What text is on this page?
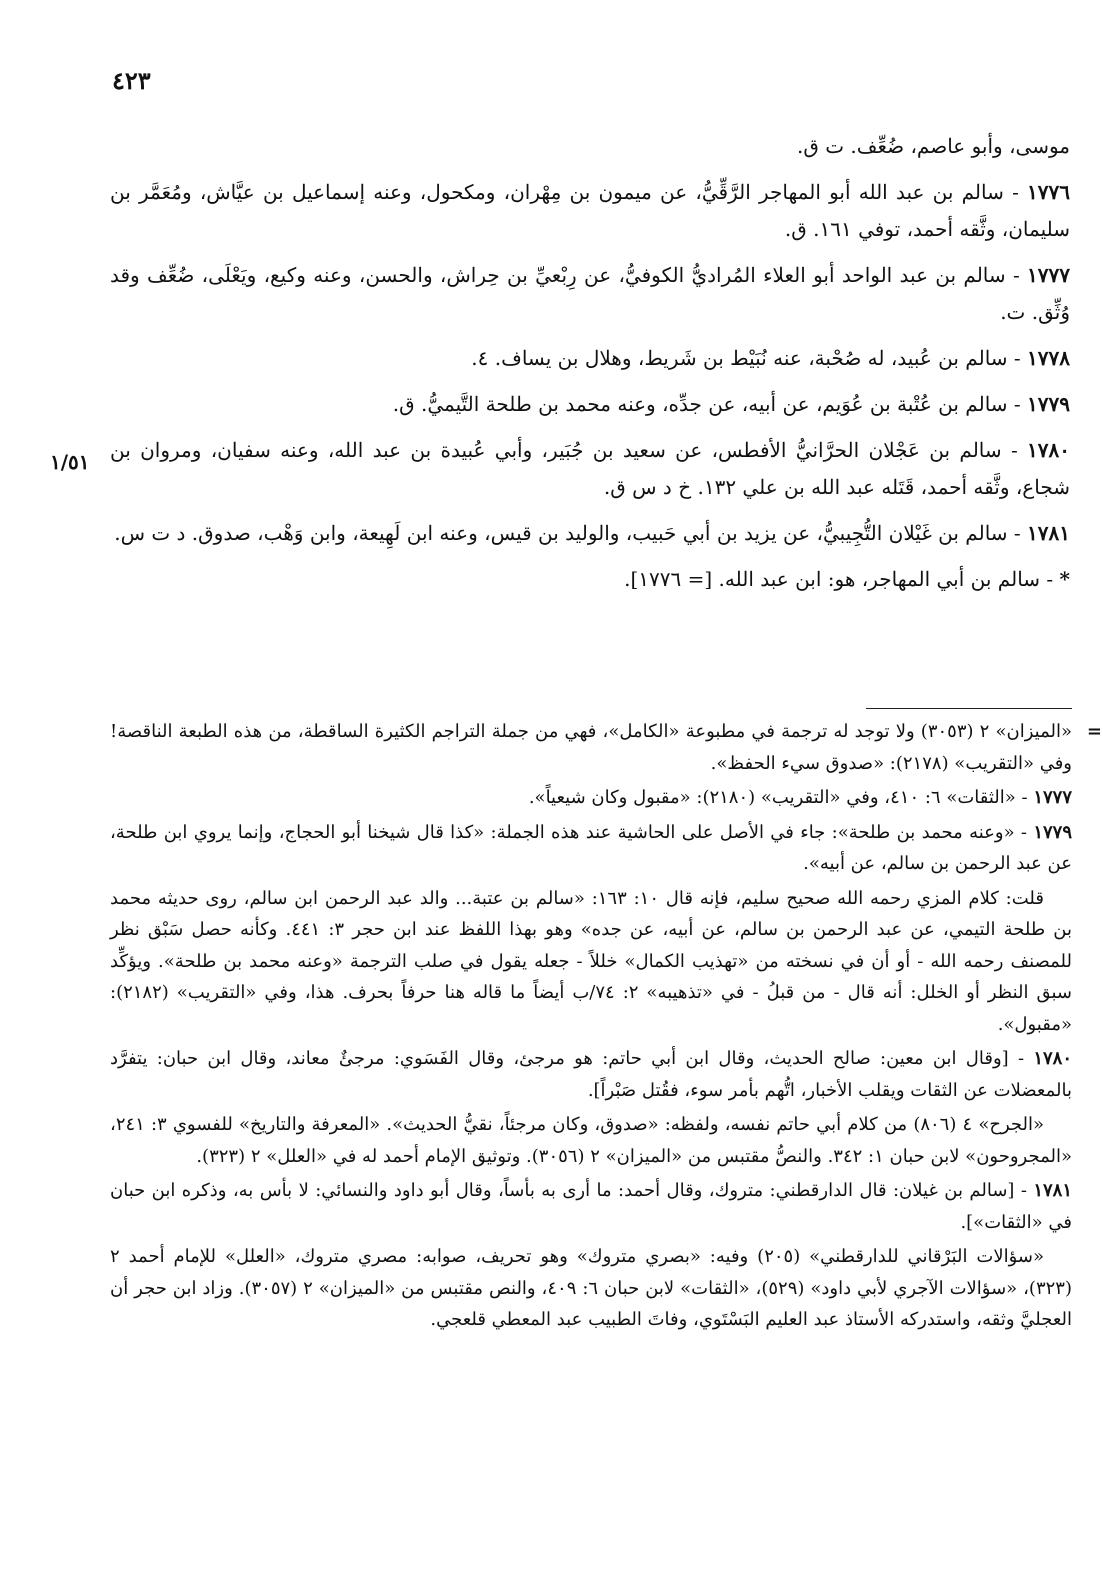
٤٢٣
١/٥١

موسى، وأبو عاصم، ضُعِّف. ت ق.

١٧٧٦ - سالم بن عبد الله أبو المهاجر الرَّقِّيُّ، عن ميمون بن مِهْران، ومكحول، وعنه إسماعيل بن عيَّاش، ومُعَمَّر بن سليمان، وثَّقه أحمد، توفي ١٦١. ق.

١٧٧٧ - سالم بن عبد الواحد أبو العلاء المُراديُّ الكوفيُّ، عن رِبْعيِّ بن حِراش، والحسن، وعنه وكيع، ويَعْلَى، ضُعِّف وقد وُثِّق. ت.

١٧٧٨ - سالم بن عُبيد، له صُحْبة، عنه نُبَيْط بن شَريط، وهلال بن يساف. ٤.

١٧٧٩ - سالم بن عُتْبة بن عُوَيم، عن أبيه، عن جدِّه، وعنه محمد بن طلحة التَّيميُّ. ق.

١٧٨٠ - سالم بن عَجْلان الحرَّانيُّ الأفطس، عن سعيد بن جُبَير، وأبي عُبيدة بن عبد الله، وعنه سفيان، ومروان بن شجاع، وثَّقه أحمد، قَتَله عبد الله بن علي ١٣٢. خ د س ق.

١٧٨١ - سالم بن غَيْلان التُّجِيبيُّ، عن يزيد بن أبي حَبيب، والوليد بن قيس، وعنه ابن لَهِيعة، وابن وَهْب، صدوق. د ت س.

* - سالم بن أبي المهاجر، هو: ابن عبد الله. [= ١٧٧٦].

=
«الميزان» ٢ (٣٠٥٣) ولا توجد له ترجمة في مطبوعة «الكامل»، فهي من جملة التراجم الكثيرة الساقطة، من هذه الطبعة الناقصة! وفي «التقريب» (٢١٧٨): «صدوق سيء الحفظ».

١٧٧٧ - «الثقات» ٦: ٤١٠، وفي «التقريب» (٢١٨٠): «مقبول وكان شيعياً».

١٧٧٩ - «وعنه محمد بن طلحة»: جاء في الأصل على الحاشية عند هذه الجملة: «كذا قال شيخنا أبو الحجاج، وإنما يروي ابن طلحة، عن عبد الرحمن بن سالم، عن أبيه».

قلت: كلام المزي رحمه الله صحيح سليم، فإنه قال ١٠: ١٦٣: «سالم بن عتبة... والد عبد الرحمن ابن سالم، روى حديثه محمد بن طلحة التيمي، عن عبد الرحمن بن سالم، عن أبيه، عن جده» وهو بهذا اللفظ عند ابن حجر ٣: ٤٤١. وكأنه حصل سَبْق نظر للمصنف رحمه الله - أو أن في نسخته من «تهذيب الكمال» خللاً - جعله يقول في صلب الترجمة «وعنه محمد بن طلحة». ويؤكِّد سبق النظر أو الخلل: أنه قال - من قبلُ - في «تذهيبه» ٢: ٧٤/ب أيضاً ما قاله هنا حرفاً بحرف. هذا، وفي «التقريب» (٢١٨٢): «مقبول».

١٧٨٠ - [وقال ابن معين: صالح الحديث، وقال ابن أبي حاتم: هو مرجئ، وقال الفَسَوي: مرجئٌ معاند، وقال ابن حبان: يتفرَّد بالمعضلات عن الثقات ويقلب الأخبار، اتُّهم بأمر سوء، فقُتل صَبْراً].

«الجرح» ٤ (٨٠٦) من كلام أبي حاتم نفسه، ولفظه: «صدوق، وكان مرجئاً، نقيُّ الحديث». «المعرفة والتاريخ» للفسوي ٣: ٢٤١، «المجروحون» لابن حبان ١: ٣٤٢. والنصُّ مقتبس من «الميزان» ٢ (٣٠٥٦). وتوثيق الإمام أحمد له في «العلل» ٢ (٣٢٣).

١٧٨١ - [سالم بن غيلان: قال الدارقطني: متروك، وقال أحمد: ما أرى به بأساً، وقال أبو داود والنسائي: لا بأس به، وذكره ابن حبان في «الثقات»].

«سؤالات البَرْقاني للدارقطني» (٢٠٥) وفيه: «بصري متروك» وهو تحريف، صوابه: مصري متروك، «العلل» للإمام أحمد ٢ (٣٢٣)، «سؤالات الآجري لأبي داود» (٥٢٩)، «الثقات» لابن حبان ٦: ٤٠٩، والنص مقتبس من «الميزان» ٢ (٣٠٥٧). وزاد ابن حجر أن العجليَّ وثقه، واستدركه الأستاذ عبد العليم البَسْتَوي، وفاتَ الطبيب عبد المعطي قلعجي.
